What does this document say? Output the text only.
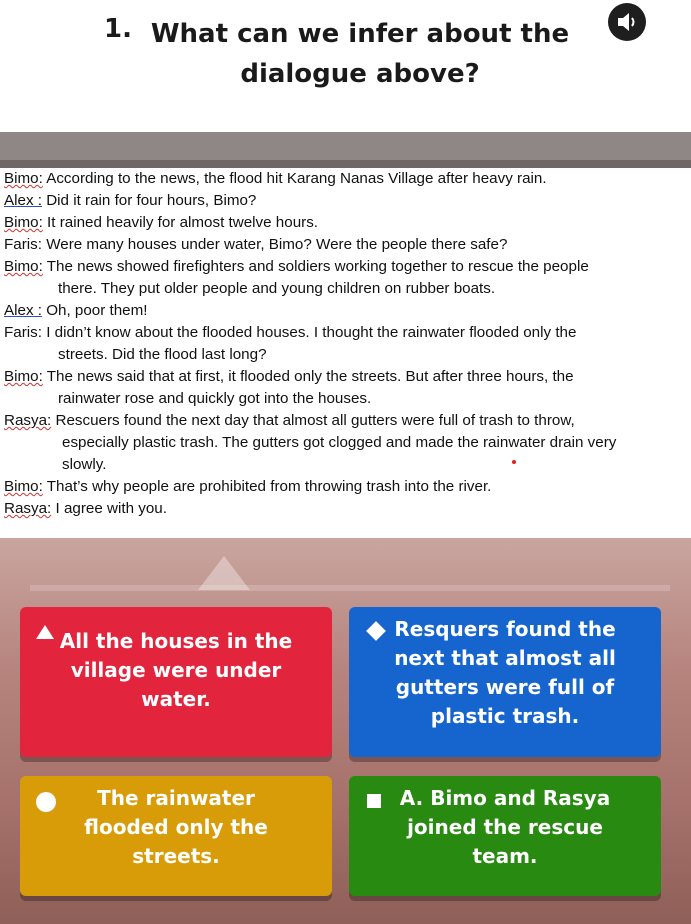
1. What can we infer about the dialogue above?
Bimo: According to the news, the flood hit Karang Nanas Village after heavy rain.
Alex : Did it rain for four hours, Bimo?
Bimo: It rained heavily for almost twelve hours.
Faris: Were many houses under water, Bimo? Were the people there safe?
Bimo: The news showed firefighters and soldiers working together to rescue the people
there. They put older people and young children on rubber boats.
Alex : Oh, poor them!
Faris: I didn’t know about the flooded houses. I thought the rainwater flooded only the
streets. Did the flood last long?
Bimo: The news said that at first, it flooded only the streets. But after three hours, the
rainwater rose and quickly got into the houses.
Rasya: Rescuers found the next day that almost all gutters were full of trash to throw,
especially plastic trash. The gutters got clogged and made the rainwater drain very
slowly.
Bimo: That’s why people are prohibited from throwing trash into the river.
Rasya: I agree with you.
All the houses in the
village were under
water.
Resquers found the
next that almost all
gutters were full of
plastic trash.
The rainwater
flooded only the
streets.
A. Bimo and Rasya
joined the rescue
team.
